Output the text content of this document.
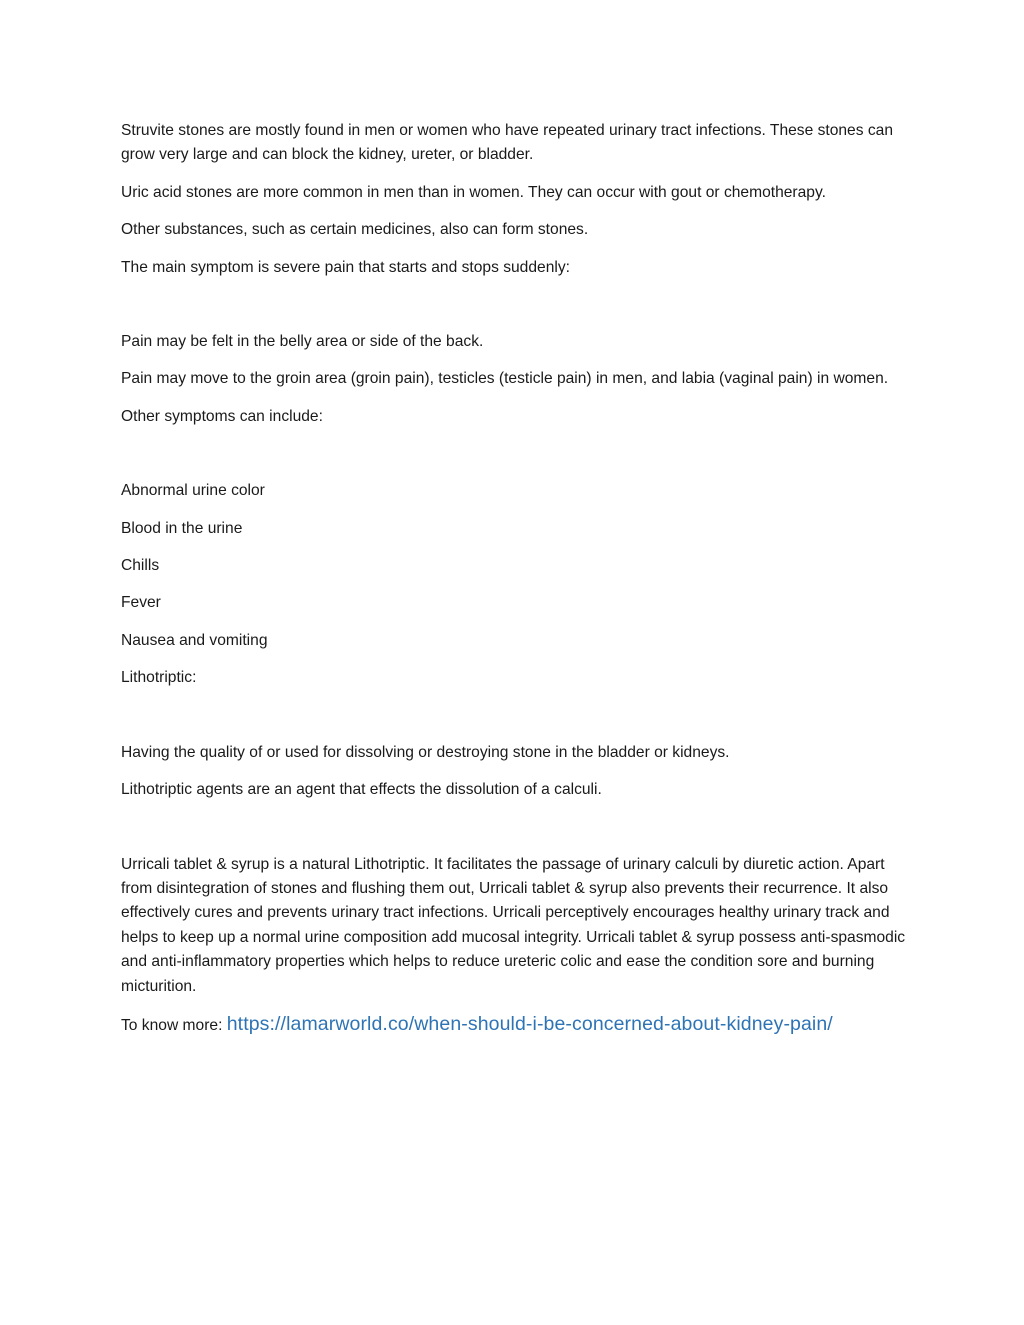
Struvite stones are mostly found in men or women who have repeated urinary tract infections. These stones can grow very large and can block the kidney, ureter, or bladder.

Uric acid stones are more common in men than in women. They can occur with gout or chemotherapy.

Other substances, such as certain medicines, also can form stones.

The main symptom is severe pain that starts and stops suddenly:

Pain may be felt in the belly area or side of the back.

Pain may move to the groin area (groin pain), testicles (testicle pain) in men, and labia (vaginal pain) in women.

Other symptoms can include:

Abnormal urine color

Blood in the urine

Chills

Fever

Nausea and vomiting

Lithotriptic:

Having the quality of or used for dissolving or destroying stone in the bladder or kidneys.

Lithotriptic agents are an agent that effects the dissolution of a calculi.

Urricali tablet & syrup is a natural Lithotriptic. It facilitates the passage of urinary calculi by diuretic action. Apart from disintegration of stones and flushing them out, Urricali tablet & syrup also prevents their recurrence. It also effectively cures and prevents urinary tract infections. Urricali perceptively encourages healthy urinary track and helps to keep up a normal urine composition add mucosal integrity. Urricali tablet & syrup possess anti-spasmodic and anti-inflammatory properties which helps to reduce ureteric colic and ease the condition sore and burning micturition.

To know more: https://lamarworld.co/when-should-i-be-concerned-about-kidney-pain/
